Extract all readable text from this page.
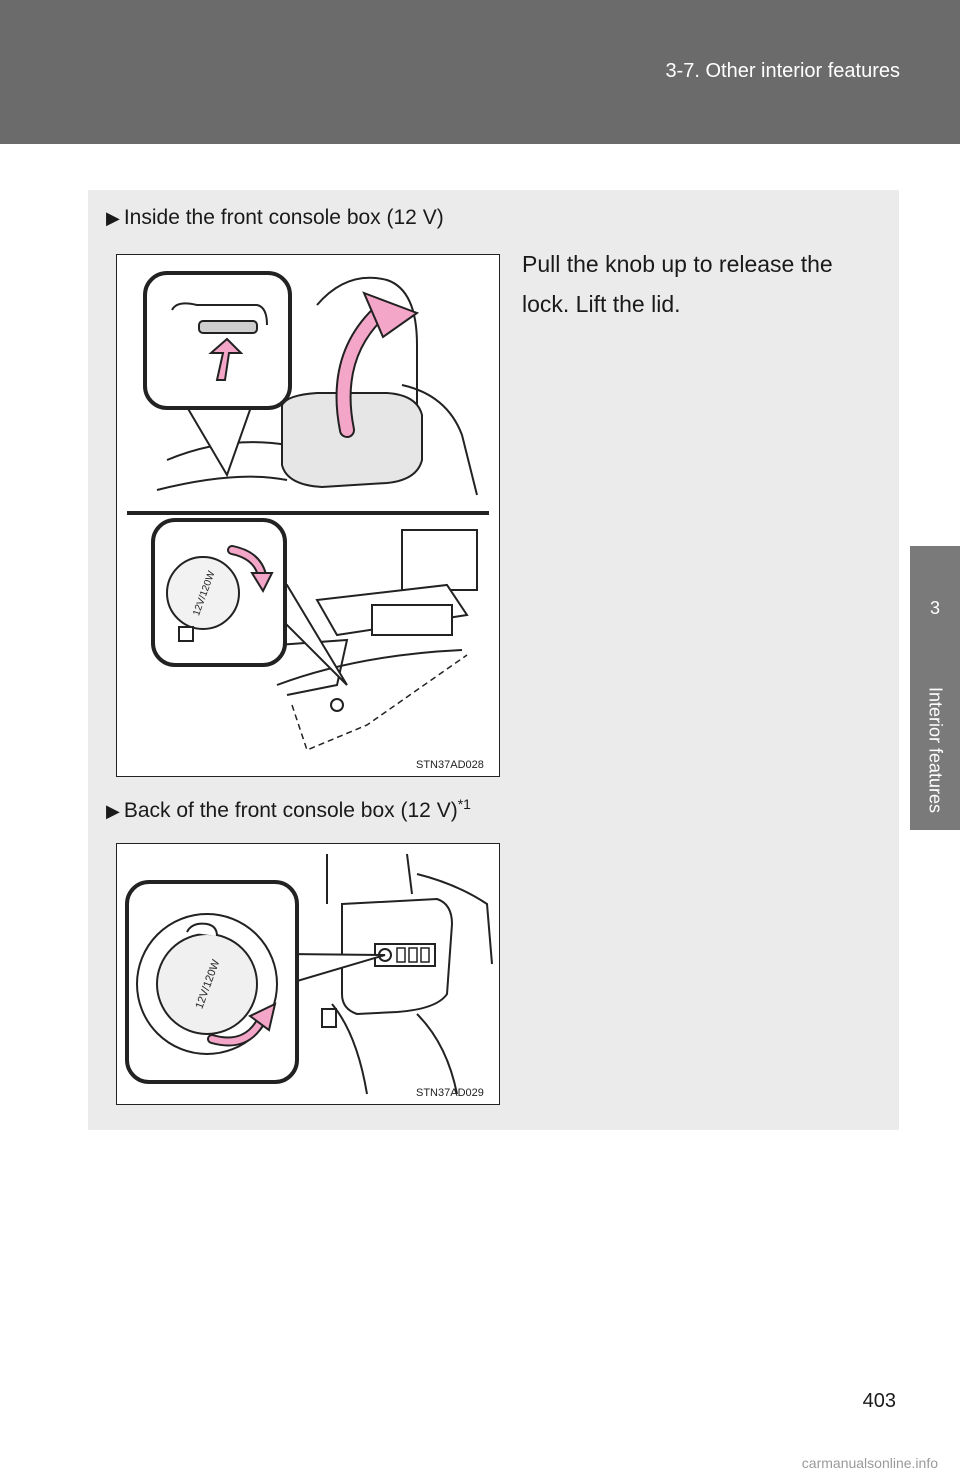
3-7. Other interior features
3
Interior features
▶ Inside the front console box (12 V)
12V/120W
STN37AD028
Pull the knob up to release the lock. Lift the lid.
▶ Back of the front console box (12 V)$^{*1}$
12V/120W
STN37AD029
403
carmanualsonline.info
